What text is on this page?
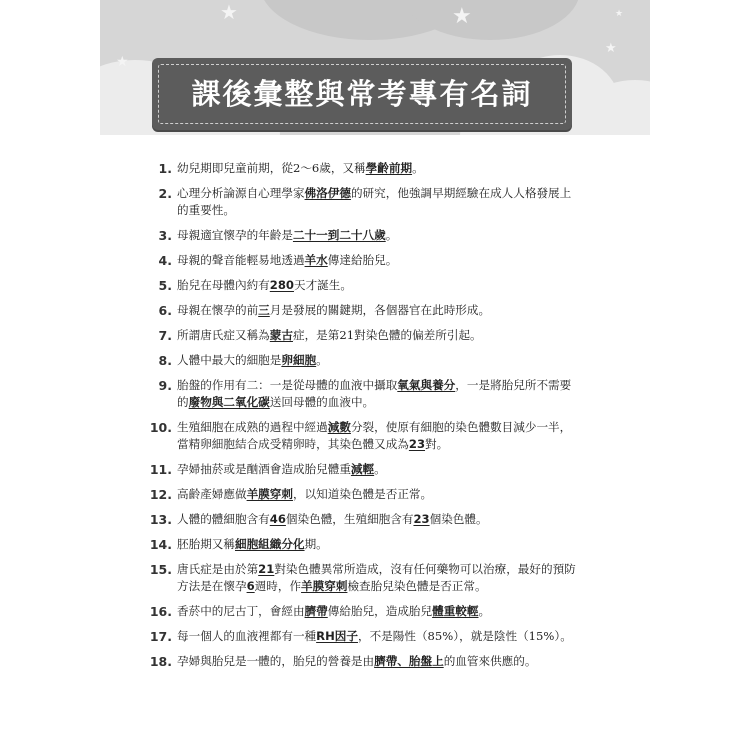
★	★
★
★
★
課後彙整與常考專有名詞
1. 幼兒期即兒童前期，從2～6歲，又稱學齡前期。
2. 心理分析論源自心理學家佛洛伊德的研究，他強調早期經驗在成人人格發展上的重要性。
3. 母親適宜懷孕的年齡是二十一到二十八歲。
4. 母親的聲音能輕易地透過羊水傳達給胎兒。
5. 胎兒在母體內約有280天才誕生。
6. 母親在懷孕的前三月是發展的關鍵期，各個器官在此時形成。
7. 所謂唐氏症又稱為蒙古症，是第21對染色體的偏差所引起。
8. 人體中最大的細胞是卵細胞。
9. 胎盤的作用有二：一是從母體的血液中攝取氧氣與養分，一是將胎兒所不需要的廢物與二氧化碳送回母體的血液中。
10. 生殖細胞在成熟的過程中經過減數分裂，使原有細胞的染色體數目減少一半，當精卵細胞結合成受精卵時，其染色體又成為23對。
11. 孕婦抽菸或是酗酒會造成胎兒體重減輕。
12. 高齡產婦應做羊膜穿刺，以知道染色體是否正常。
13. 人體的體細胞含有46個染色體，生殖細胞含有23個染色體。
14. 胚胎期又稱細胞組織分化期。
15. 唐氏症是由於第21對染色體異常所造成，沒有任何藥物可以治療，最好的預防方法是在懷孕6週時，作羊膜穿刺檢查胎兒染色體是否正常。
16. 香菸中的尼古丁，會經由臍帶傳給胎兒，造成胎兒體重較輕。
17. 每一個人的血液裡都有一種RH因子，不是陽性（85%），就是陰性（15%）。
18. 孕婦與胎兒是一體的，胎兒的營養是由臍帶、胎盤上的血管來供應的。
